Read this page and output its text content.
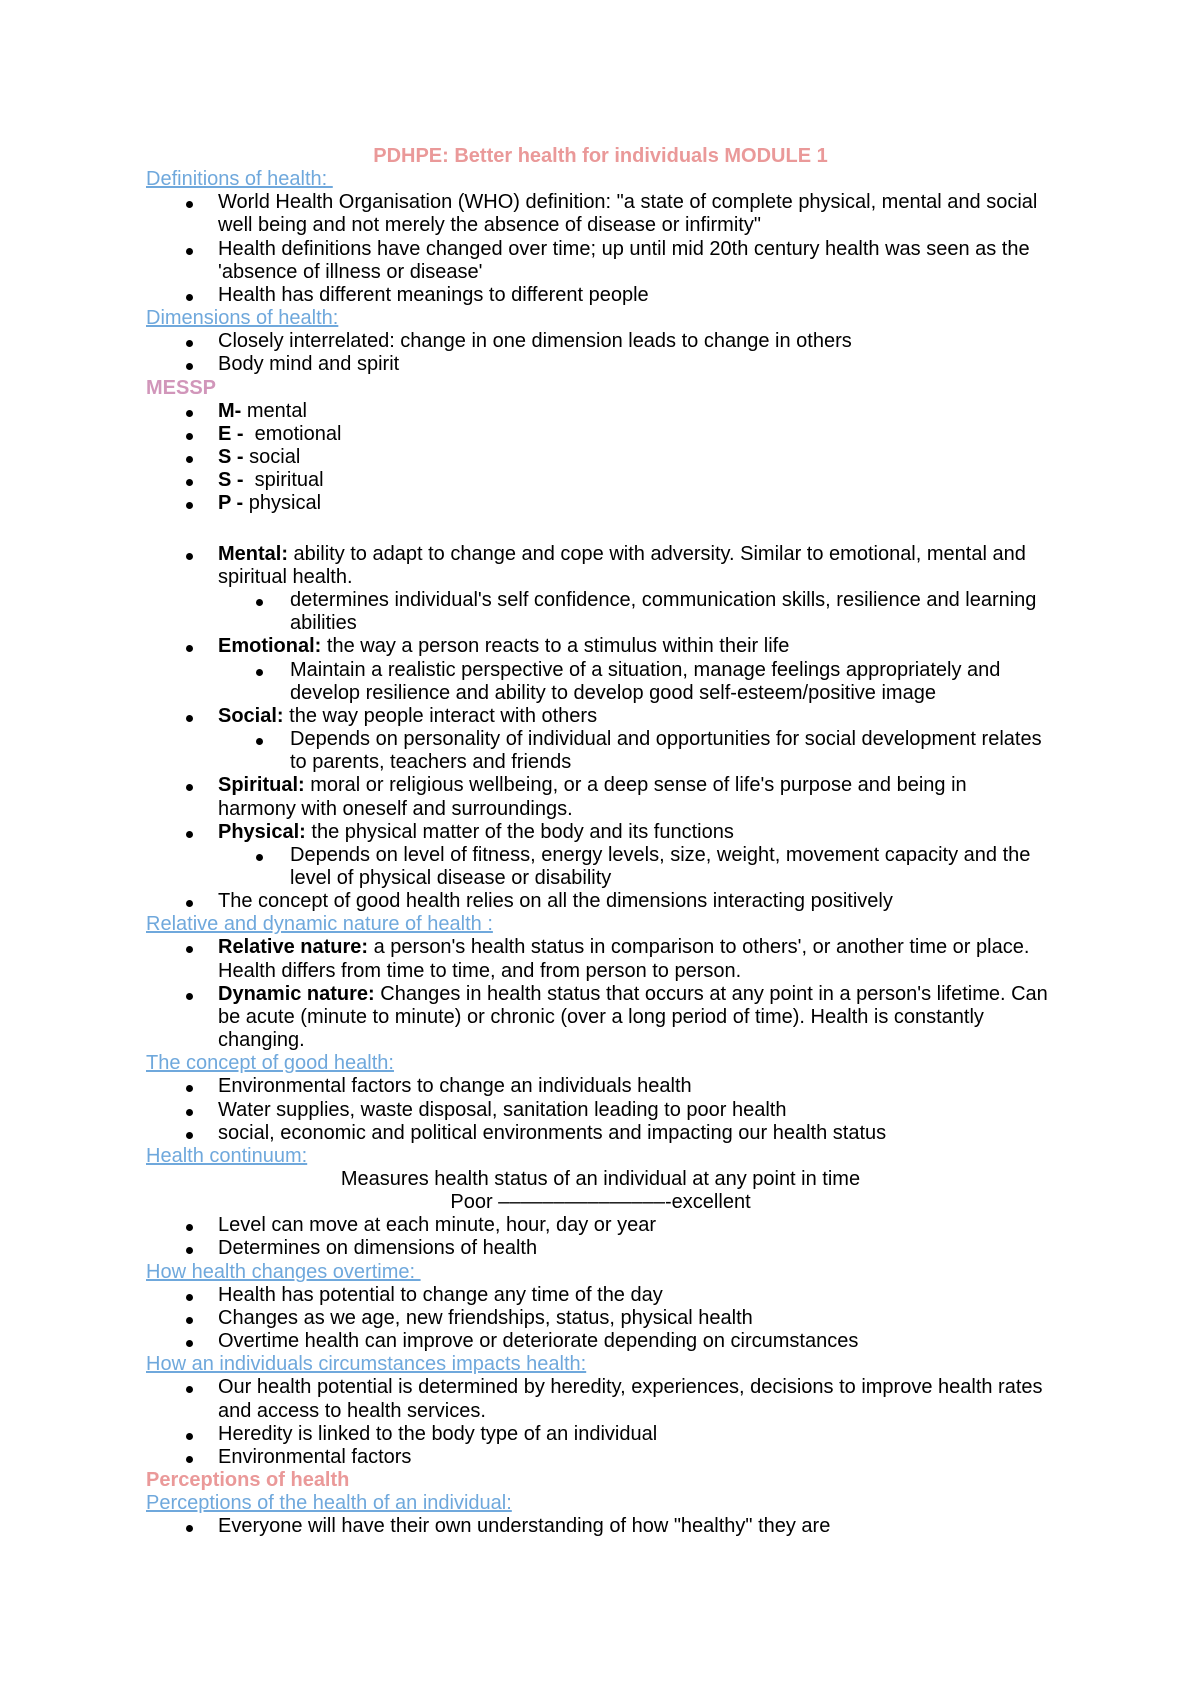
PDHPE: Better health for individuals MODULE 1
Definitions of health:
World Health Organisation (WHO) definition: "a state of complete physical, mental and social
well being and not merely the absence of disease or infirmity"
Health definitions have changed over time; up until mid 20th century health was seen as the
'absence of illness or disease'
Health has different meanings to different people
Dimensions of health:
Closely interrelated: change in one dimension leads to change in others
Body mind and spirit
MESSP
M- mental
E -  emotional
S - social
S -  spiritual
P - physical
Mental: ability to adapt to change and cope with adversity. Similar to emotional, mental and
spiritual health.
determines individual's self confidence, communication skills, resilience and learning
abilities
Emotional: the way a person reacts to a stimulus within their life
Maintain a realistic perspective of a situation, manage feelings appropriately and
develop resilience and ability to develop good self-esteem/positive image
Social: the way people interact with others
Depends on personality of individual and opportunities for social development relates
to parents, teachers and friends
Spiritual: moral or religious wellbeing, or a deep sense of life's purpose and being in
harmony with oneself and surroundings.
Physical: the physical matter of the body and its functions
Depends on level of fitness, energy levels, size, weight, movement capacity and the
level of physical disease or disability
The concept of good health relies on all the dimensions interacting positively
Relative and dynamic nature of health :
Relative nature: a person's health status in comparison to others', or another time or place.
Health differs from time to time, and from person to person.
Dynamic nature: Changes in health status that occurs at any point in a person's lifetime. Can
be acute (minute to minute) or chronic (over a long period of time). Health is constantly
changing.
The concept of good health:
Environmental factors to change an individuals health
Water supplies, waste disposal, sanitation leading to poor health
social, economic and political environments and impacting our health status
Health continuum:
Measures health status of an individual at any point in time
Poor –––––––––––––––-excellent
Level can move at each minute, hour, day or year
Determines on dimensions of health
How health changes overtime:
Health has potential to change any time of the day
Changes as we age, new friendships, status, physical health
Overtime health can improve or deteriorate depending on circumstances
How an individuals circumstances impacts health:
Our health potential is determined by heredity, experiences, decisions to improve health rates
and access to health services.
Heredity is linked to the body type of an individual
Environmental factors
Perceptions of health
Perceptions of the health of an individual:
Everyone will have their own understanding of how "healthy" they are
